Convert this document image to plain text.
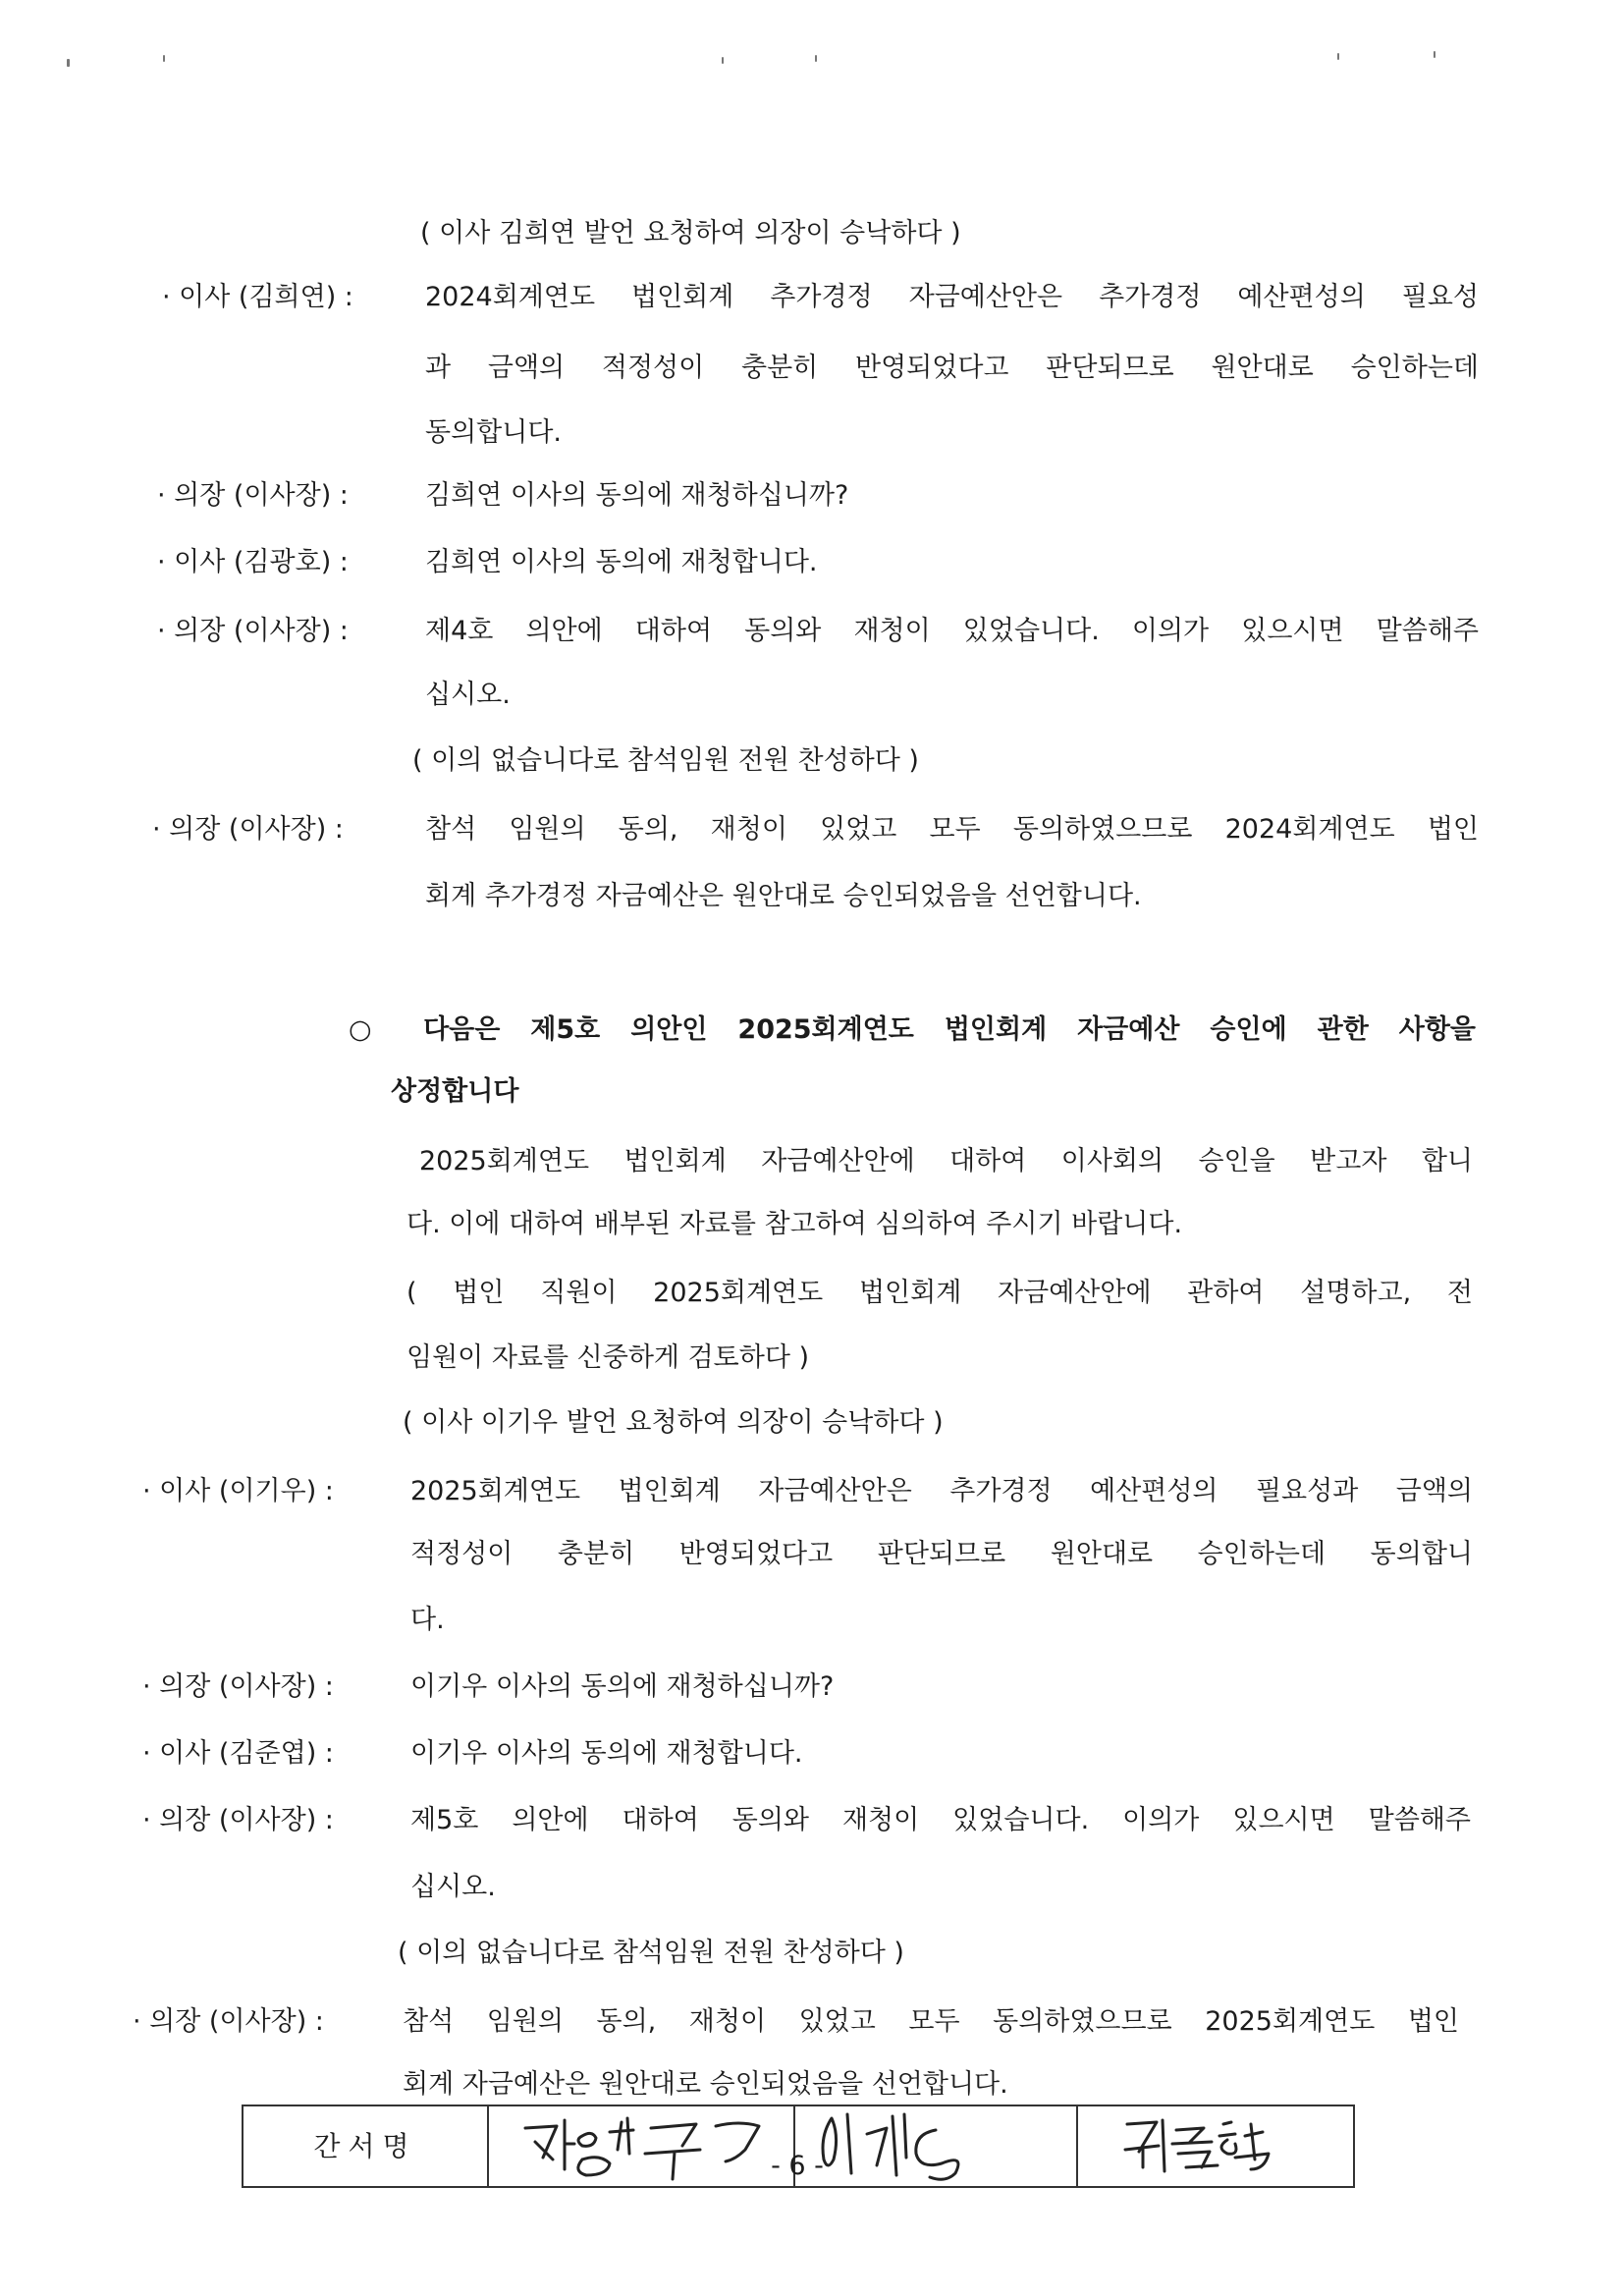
( 이사 김희연 발언 요청하여 의장이 승낙하다 )
· 이사 (김희연) :	2024회계연도 법인회계 추가경정 자금예산안은 추가경정 예산편성의 필요성
과 금액의 적정성이 충분히 반영되었다고 판단되므로 원안대로 승인하는데
동의합니다.
· 의장 (이사장) :	김희연 이사의 동의에 재청하십니까?
· 이사 (김광호) :	김희연 이사의 동의에 재청합니다.
· 의장 (이사장) :	제4호 의안에 대하여 동의와 재청이 있었습니다. 이의가 있으시면 말씀해주
십시오.
( 이의 없습니다로 참석임원 전원 찬성하다 )
· 의장 (이사장) :	참석 임원의 동의, 재청이 있었고 모두 동의하였으므로 2024회계연도 법인
회계 추가경정 자금예산은 원안대로 승인되었음을 선언합니다.
○ 다음은 제5호 의안인 2025회계연도 법인회계 자금예산 승인에 관한 사항을
상정합니다
2025회계연도 법인회계 자금예산안에 대하여 이사회의 승인을 받고자 합니
다. 이에 대하여 배부된 자료를 참고하여 심의하여 주시기 바랍니다.
( 법인 직원이 2025회계연도 법인회계 자금예산안에 관하여 설명하고, 전
임원이 자료를 신중하게 검토하다 )
( 이사 이기우 발언 요청하여 의장이 승낙하다 )
· 이사 (이기우) :	2025회계연도 법인회계 자금예산안은 추가경정 예산편성의 필요성과 금액의
적정성이 충분히 반영되었다고 판단되므로 원안대로 승인하는데 동의합니
다.
· 의장 (이사장) :	이기우 이사의 동의에 재청하십니까?
· 이사 (김준엽) :	이기우 이사의 동의에 재청합니다.
· 의장 (이사장) :	제5호 의안에 대하여 동의와 재청이 있었습니다. 이의가 있으시면 말씀해주
십시오.
( 이의 없습니다로 참석임원 전원 찬성하다 )
· 의장 (이사장) :	참석 임원의 동의, 재청이 있었고 모두 동의하였으므로 2025회계연도 법인
회계 자금예산은 원안대로 승인되었음을 선언합니다.
간서명
- 6 -
